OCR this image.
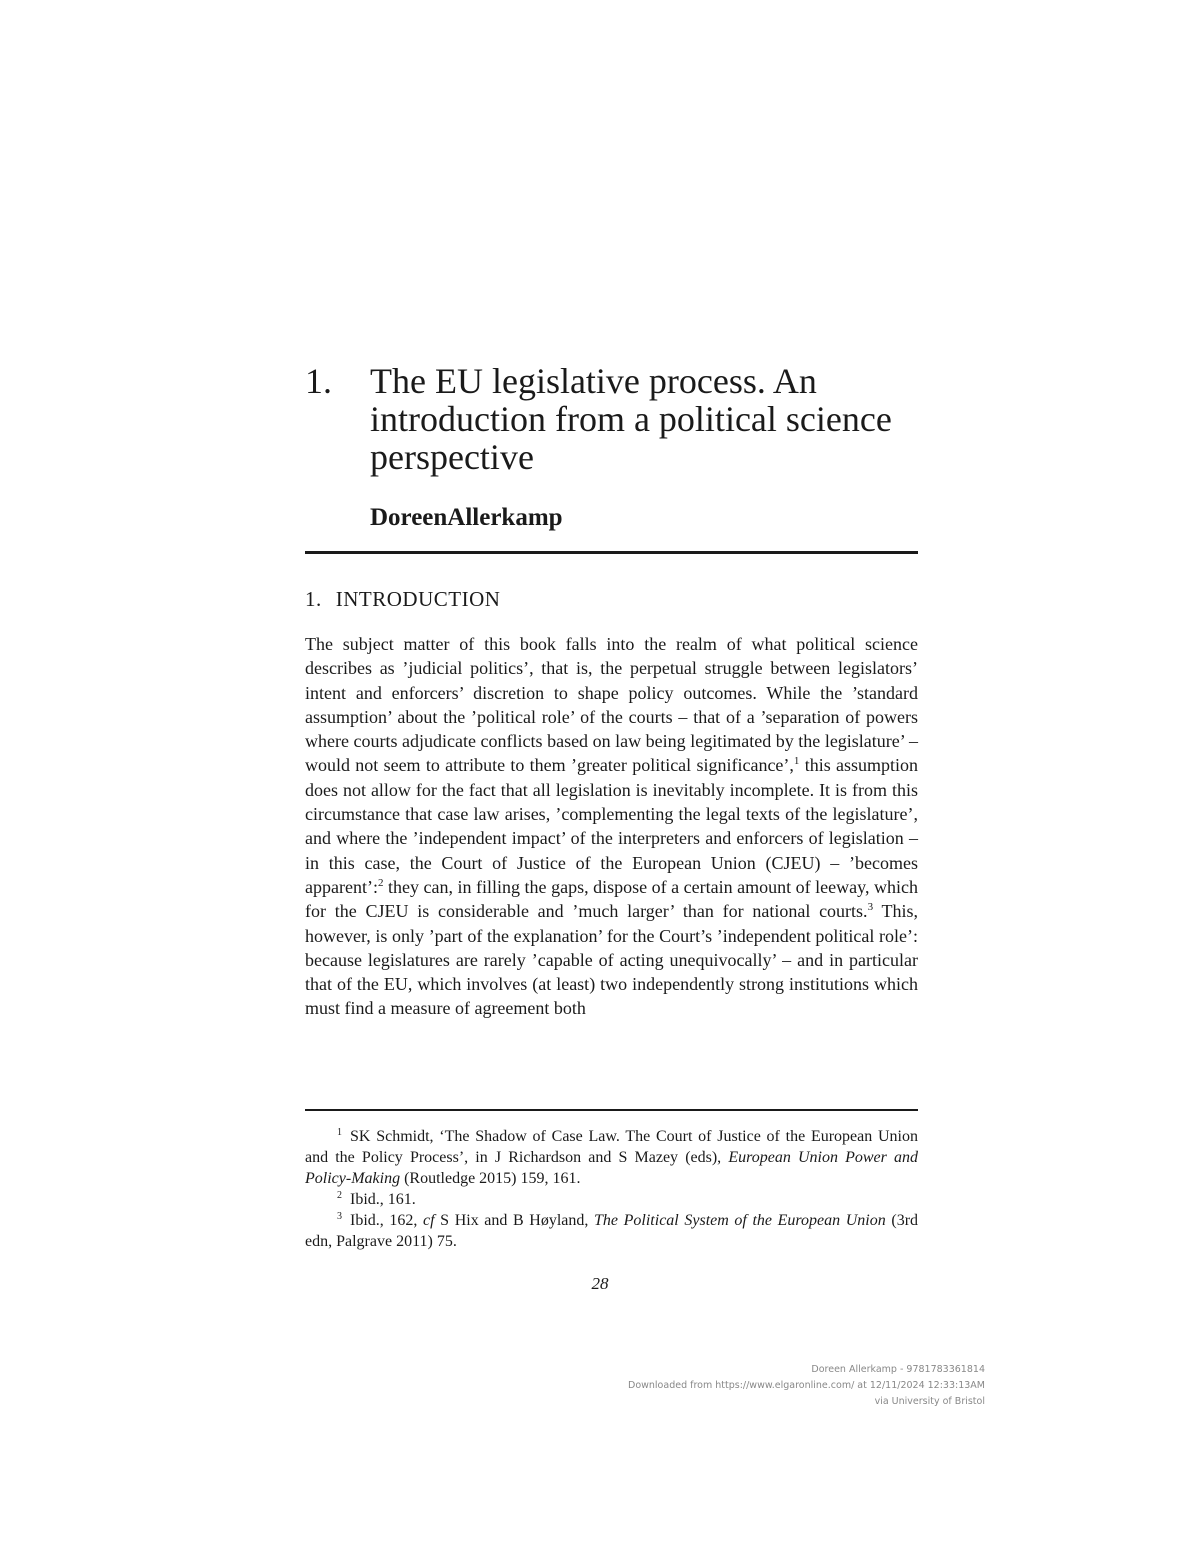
1. The EU legislative process. An introduction from a political science perspective
DoreenAllerkamp
1. INTRODUCTION

The subject matter of this book falls into the realm of what political science describes as ’judicial politics’, that is, the perpetual struggle between legislators’ intent and enforcers’ discretion to shape policy outcomes. While the ’standard assumption’ about the ’political role’ of the courts – that of a ’separation of powers where courts adjudicate conflicts based on law being legitimated by the legislature’ – would not seem to attribute to them ’greater political significance’,$^1$ this assumption does not allow for the fact that all legislation is inevitably incomplete. It is from this circumstance that case law arises, ’complementing the legal texts of the legislature’, and where the ’independent impact’ of the interpreters and enforcers of legislation – in this case, the Court of Justice of the European Union (CJEU) – ’becomes apparent’:$^2$ they can, in filling the gaps, dispose of a certain amount of leeway, which for the CJEU is considerable and ’much larger’ than for national courts.$^3$ This, however, is only ’part of the explanation’ for the Court’s ’independent political role’: because legislatures are rarely ’capable of acting unequivocally’ – and in particular that of the EU, which involves (at least) two independently strong institutions which must find a measure of agreement both

$^1$ SK Schmidt, ‘The Shadow of Case Law. The Court of Justice of the European Union and the Policy Process’, in J Richardson and S Mazey (eds), European Union Power and Policy-Making (Routledge 2015) 159, 161.

$^2$ Ibid., 161.

$^3$ Ibid., 162, cf S Hix and B Høyland, The Political System of the European Union (3rd edn, Palgrave 2011) 75.

28
Doreen Allerkamp - 9781783361814
Downloaded from https://www.elgaronline.com/ at 12/11/2024 12:33:13AM
via University of Bristol
